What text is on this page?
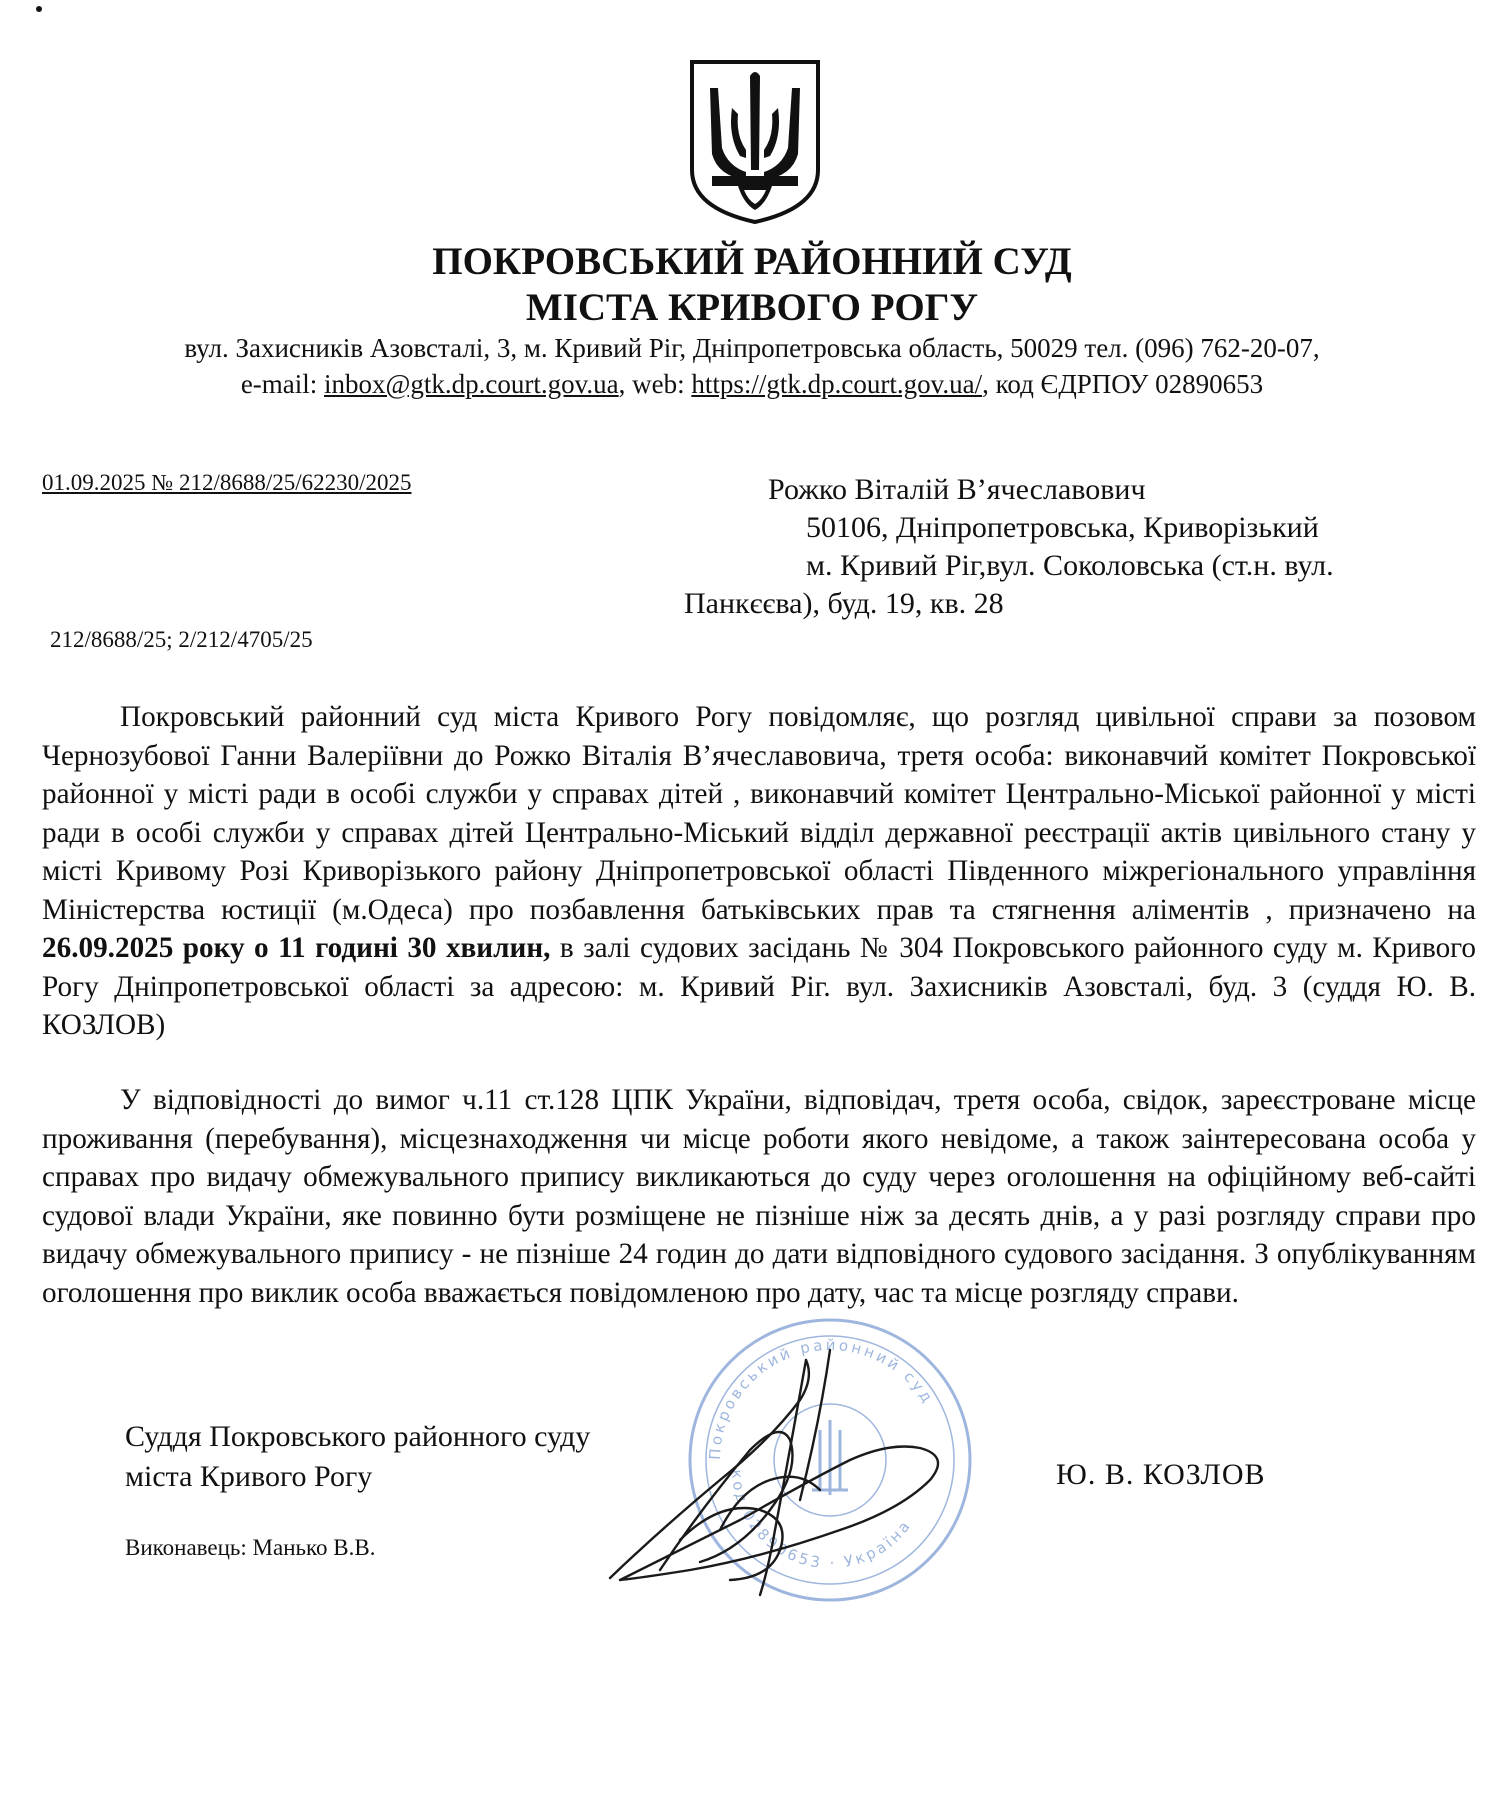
ПОКРОВСЬКИЙ РАЙОННИЙ СУД
МІСТА КРИВОГО РОГУ
вул. Захисників Азовсталі, 3, м. Кривий Ріг, Дніпропетровська область, 50029 тел. (096) 762-20-07,
e-mail: inbox@gtk.dp.court.gov.ua, web: https://gtk.dp.court.gov.ua/, код ЄДРПОУ 02890653
01.09.2025 № 212/8688/25/62230/2025	Рожко Віталій В’ячеславович
50106, Дніпропетровська, Криворізький
м. Кривий Ріг,вул. Соколовська (ст.н. вул.
Панкєєва), буд. 19, кв. 28
212/8688/25; 2/212/4705/25

Покровський районний суд міста Кривого Рогу повідомляє, що розгляд цивільної справи за позовом Чернозубової Ганни Валеріївни до Рожко Віталія В’ячеславовича, третя особа: виконавчий комітет Покровської районної у місті ради в особі служби у справах дітей , виконавчий комітет Центрально-Міської районної у місті ради в особі служби у справах дітей Центрально-Міський відділ державної реєстрації актів цивільного стану у місті Кривому Розі Криворізького району Дніпропетровської області Південного міжрегіонального управління Міністерства юстиції (м.Одеса) про позбавлення батьківських прав та стягнення аліментів , призначено на 26.09.2025 року о 11 годині 30 хвилин, в залі судових засідань № 304 Покровського районного суду м. Кривого Рогу Дніпропетровської області за адресою: м. Кривий Ріг. вул. Захисників Азовсталі, буд. 3 (суддя Ю. В. КОЗЛОВ)

У відповідності до вимог ч.11 ст.128 ЦПК України, відповідач, третя особа, свідок, зареєстроване місце проживання (перебування), місцезнаходження чи місце роботи якого невідоме, а також заінтересована особа у справах про видачу обмежувального припису викликаються до суду через оголошення на офіційному веб-сайті судової влади України, яке повинно бути розміщене не пізніше ніж за десять днів, а у разі розгляду справи про видачу обмежувального припису - не пізніше 24 годин до дати відповідного судового засідання. З опублікуванням оголошення про виклик особа вважається повідомленою про дату, час та місце розгляду справи.

Суддя Покровського районного суду
міста Кривого Рогу	Ю. В. КОЗЛОВ
Виконавець: Манько В.В.
Покровський районний суд
код 02890653 · Україна
